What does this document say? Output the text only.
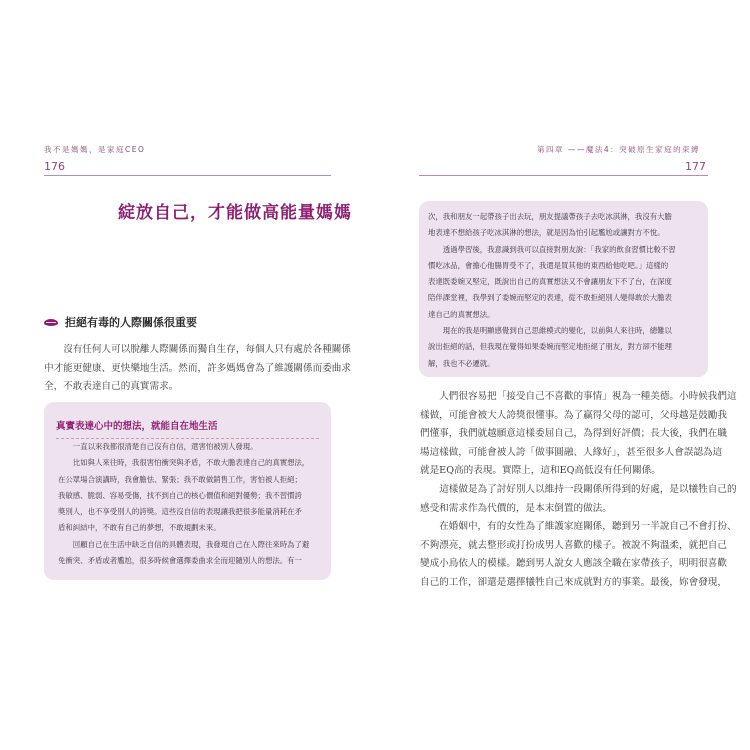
我不是媽媽，是家庭CEO
176
綻放自己，才能做高能量媽媽
拒絕有毒的人際關係很重要

沒有任何人可以脫離人際關係而獨自生存，每個人只有處於各種關係

中才能更健康、更快樂地生活。然而，許多媽媽會為了維護關係而委曲求

全，不敢表達自己的真實需求。

真實表達心中的想法，就能自在地生活

一直以來我都很清楚自己沒有自信，還害怕被別人發現。

比如與人來往時，我很害怕衝突與矛盾，不敢大膽表達自己的真實想法，

在公眾場合演講時，我會膽怯、緊張；我不敢做銷售工作，害怕被人拒絕；

我敏感、脆弱、容易受傷，找不到自己的核心價值和絕對優勢；我不習慣誇

獎別人，也不享受別人的誇獎。這些沒自信的表現讓我把很多能量消耗在矛

盾和糾結中，不敢有自己的夢想，不敢規劃未來。

回顧自己在生活中缺乏自信的具體表現，我發現自己在人際往來時為了避

免衝突、矛盾或者尷尬，很多時候會選擇委曲求全而迎隨別人的想法。有一

第四章 ——魔法4：突破原生家庭的束縛
177

次，我和朋友一起帶孩子出去玩，朋友提議帶孩子去吃冰淇淋，我沒有大膽

地表達不想給孩子吃冰淇淋的想法，就是因為怕引起尷尬或讓對方不悅。

透過學習後，我意識到我可以直接對朋友說：「我家的飲食習慣比較不習

慣吃冰品，會擔心他腸胃受不了，我還是買其他的東西給他吃吧。」這樣的

表達既委婉又堅定，既說出自己的真實想法又不會讓朋友下不了台，在深度

陪伴課堂裡，我學到了委婉而堅定的表達，從不敢拒絕別人變得敢於大膽表

達自己的真實想法。

現在的我是明顯感覺到自己思維模式的變化，以前與人來往時，總難以

說出拒絕的話，但我現在覺得如果委婉而堅定地拒絕了朋友，對方卻不能理

解，我也不必遷就。

人們很容易把「接受自己不喜歡的事情」視為一種美德。小時候我們這

樣做，可能會被大人誇獎很懂事。為了贏得父母的認可，父母越是鼓勵我

們懂事，我們就越願意這樣委屈自己，為得到好評價；長大後，我們在職

場這樣做，可能會被人誇「做事圓融、人緣好」，甚至很多人會誤認為這

就是EQ高的表現。實際上，這和EQ高低沒有任何關係。

這樣做是為了討好別人以維持一段關係所得到的好處，是以犧牲自己的

感受和需求作為代價的，是本末倒置的做法。

在婚姻中，有的女性為了維護家庭關係，聽到另一半說自己不會打扮、

不夠漂亮，就去整形或打扮成男人喜歡的樣子。被說不夠溫柔，就把自己

變成小鳥依人的模樣。聽到男人說女人應該全職在家帶孩子，明明很喜歡

自己的工作，卻還是選擇犧牲自己來成就對方的事業。最後，妳會發現，
